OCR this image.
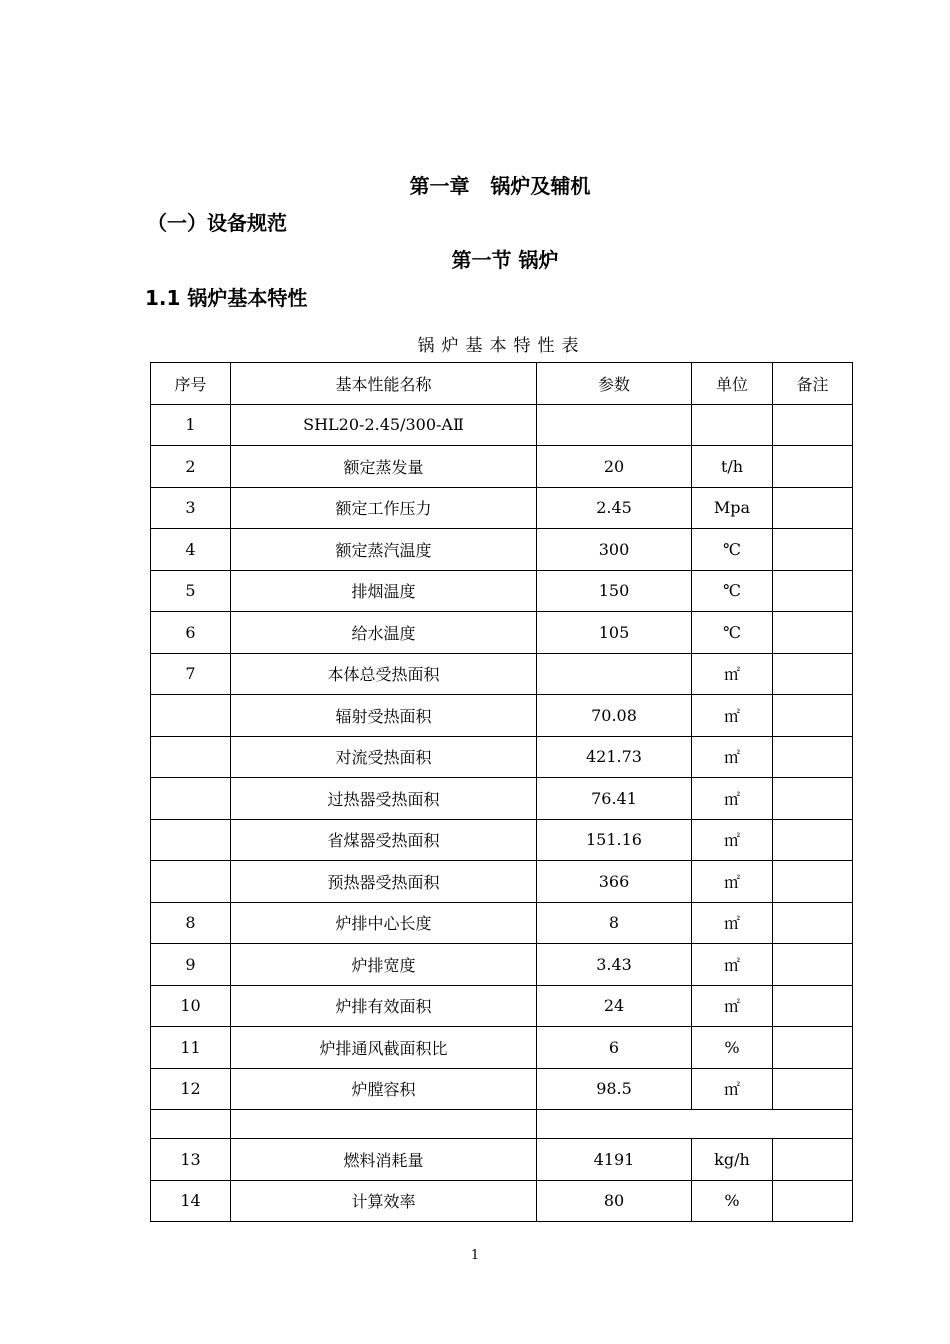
第一章   锅炉及辅机
（一）设备规范
第一节 锅炉
1.1 锅炉基本特性
锅炉基本特性表
序号	基本性能名称	参数	单位	备注
1	SHL20-2.45/300-AⅡ			
2	额定蒸发量	20	t/h	
3	额定工作压力	2.45	Mpa	
4	额定蒸汽温度	300	℃	
5	排烟温度	150	℃	
6	给水温度	105	℃	
7	本体总受热面积		㎡	
	辐射受热面积	70.08	㎡	
	对流受热面积	421.73	㎡	
	过热器受热面积	76.41	㎡	
	省煤器受热面积	151.16	㎡	
	预热器受热面积	366	㎡	
8	炉排中心长度	8	㎡	
9	炉排宽度	3.43	㎡	
10	炉排有效面积	24	㎡	
11	炉排通风截面积比	6	%	
12	炉膛容积	98.5	㎡	

13	燃料消耗量	4191	kg/h	
14	计算效率	80	%	
1
